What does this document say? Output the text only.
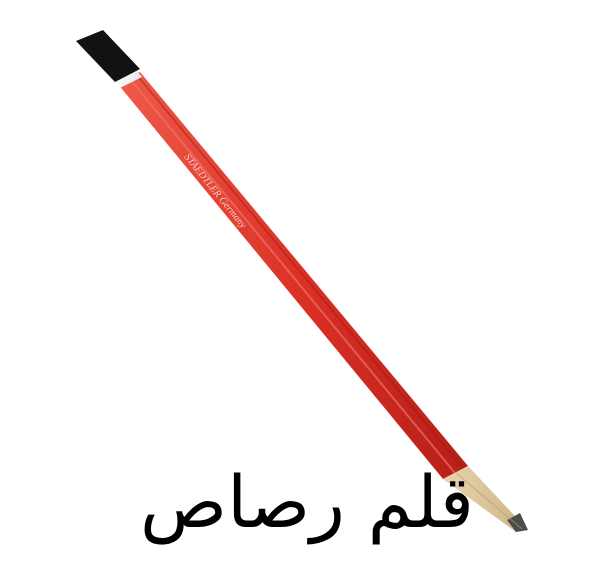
STAEDTLER Germany
قلم رصاص
